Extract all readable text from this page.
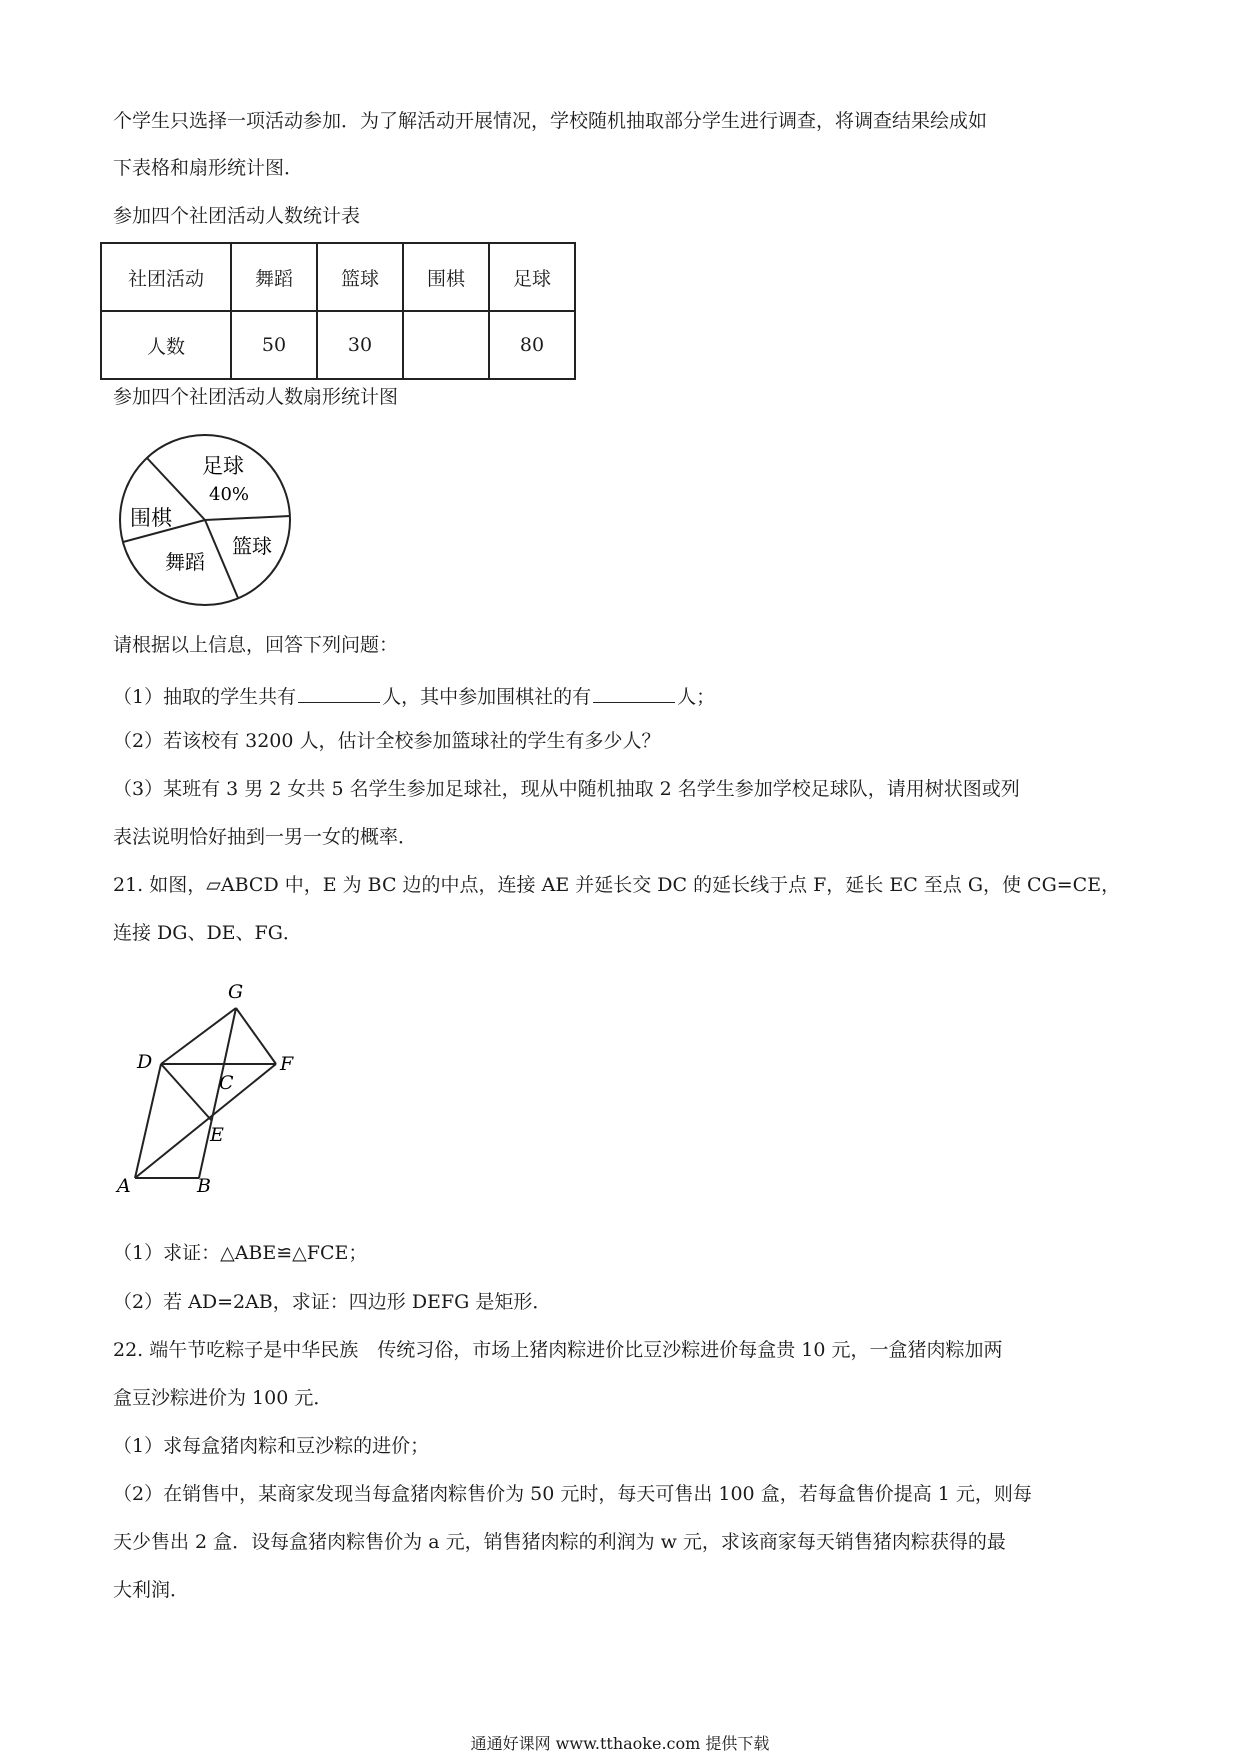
个学生只选择一项活动参加．为了解活动开展情况，学校随机抽取部分学生进行调查，将调查结果绘成如
下表格和扇形统计图．
参加四个社团活动人数统计表
社团活动	舞蹈	篮球	围棋	足球
人数	50	30		80
参加四个社团活动人数扇形统计图
足球
40%
篮球
舞蹈
围棋
请根据以上信息，回答下列问题：
（1）抽取的学生共有	人，其中参加围棋社的有	人；
（2）若该校有 3200 人，估计全校参加篮球社的学生有多少人？
（3）某班有 3 男 2 女共 5 名学生参加足球社，现从中随机抽取 2 名学生参加学校足球队，请用树状图或列
表法说明恰好抽到一男一女的概率．
21. 如图，▱ABCD 中，E 为 BC 边的中点，连接 AE 并延长交 DC 的延长线于点 F，延长 EC 至点 G，使 CG=CE，
连接 DG、DE、FG．
G
D
C
F
E
A	B
（1）求证：△ABE≌△FCE；
（2）若 AD=2AB，求证：四边形 DEFG 是矩形．
22. 端午节吃粽子是中华民族　传统习俗，市场上猪肉粽进价比豆沙粽进价每盒贵 10 元，一盒猪肉粽加两
盒豆沙粽进价为 100 元．
（1）求每盒猪肉粽和豆沙粽的进价；
（2）在销售中，某商家发现当每盒猪肉粽售价为 50 元时，每天可售出 100 盒，若每盒售价提高 1 元，则每
天少售出 2 盒．设每盒猪肉粽售价为 a 元，销售猪肉粽的利润为 w 元，求该商家每天销售猪肉粽获得的最
大利润．
通通好课网 www.tthaoke.com 提供下载
